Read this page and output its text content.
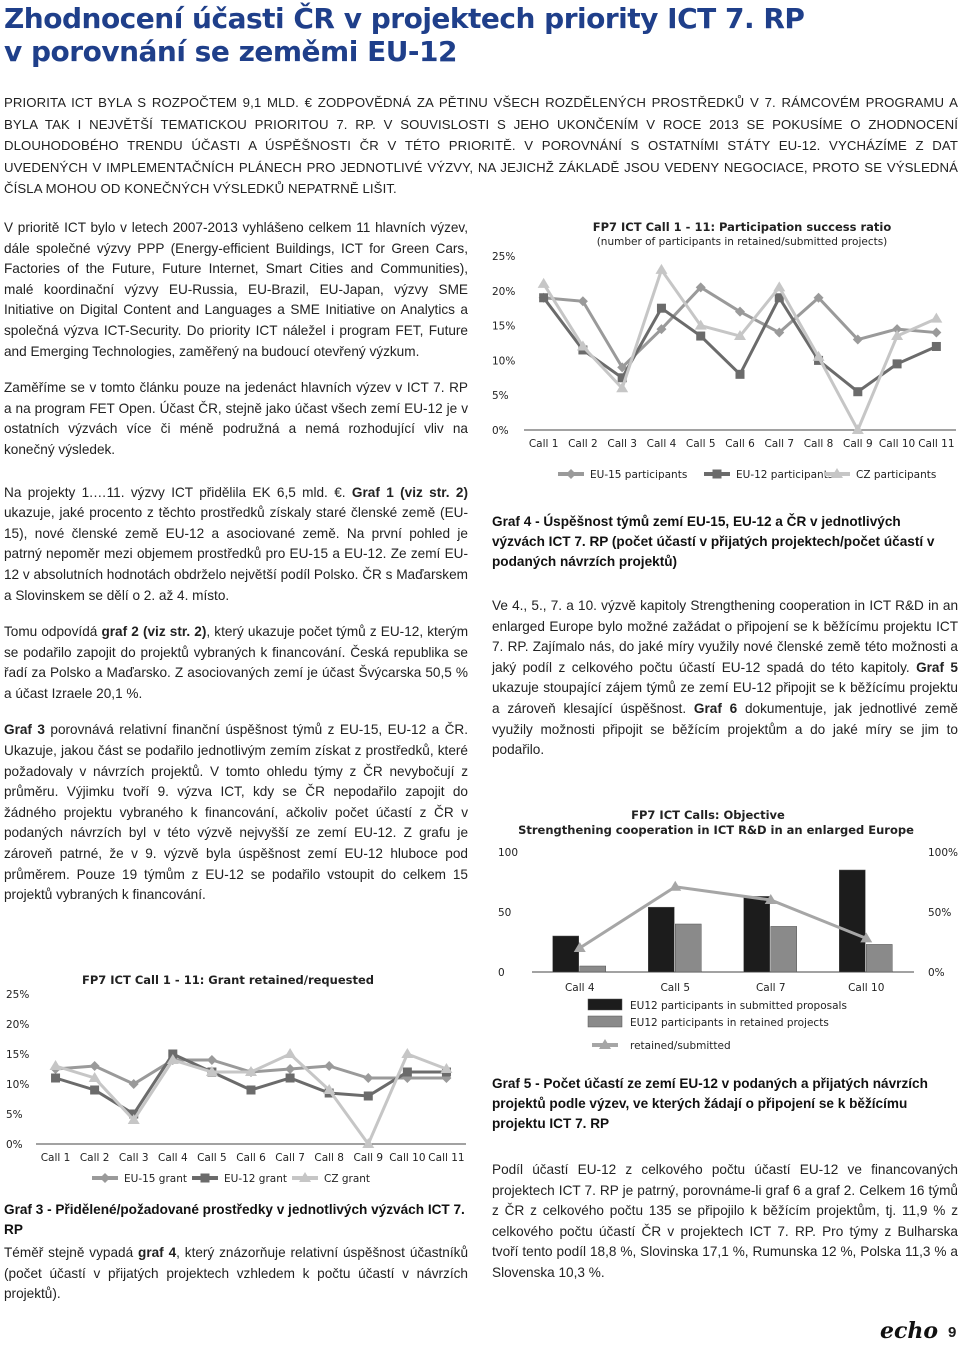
Zhodnocení účasti ČR v projektech priority ICT 7. RP
v porovnání se zeměmi EU-12
PRIORITA ICT BYLA S ROZPOČTEM 9,1 MLD. € ZODPOVĚDNÁ ZA PĚTINU VŠECH ROZDĚLENÝCH PROSTŘEDKŮ V 7. RÁMCOVÉM PROGRAMU A BYLA TAK I NEJVĚTŠÍ TEMATICKOU PRIORITOU 7. RP. V SOUVISLOSTI S JEHO UKONČENÍM V ROCE 2013 SE POKUSÍME O ZHODNOCENÍ DLOUHODOBÉHO TRENDU ÚČASTI A ÚSPĚŠNOSTI ČR V TÉTO PRIORITĚ. V POROVNÁNÍ S OSTATNÍMI STÁTY EU-12. VYCHÁZÍME Z DAT UVEDENÝCH V IMPLEMENTAČNÍCH PLÁNECH PRO JEDNOTLIVÉ VÝZVY, NA JEJICHŽ ZÁKLADĚ JSOU VEDENY NEGOCIACE, PROTO SE VÝSLEDNÁ ČÍSLA MOHOU OD KONEČNÝCH VÝSLEDKŮ NEPATRNĚ LIŠIT.

V prioritě ICT bylo v letech 2007-2013 vyhlášeno celkem 11 hlavních výzev, dále společné výzvy PPP (Energy-efficient Buildings, ICT for Green Cars, Factories of the Future, Future Internet, Smart Cities and Communities), malé koordinační výzvy EU-Russia, EU-Brazil, EU-Japan, výzvy SME Initiative on Digital Content and Languages a SME Initiative on Analytics a společná výzva ICT-Security. Do priority ICT náležel i program FET, Future and Emerging Technologies, zaměřený na budoucí otevřený výzkum.

Zaměříme se v tomto článku pouze na jedenáct hlavních výzev v ICT 7. RP a na program FET Open. Účast ČR, stejně jako účast všech zemí EU-12 je v ostatních výzvách více či méně podružná a nemá rozhodující vliv na konečný výsledek.

Na projekty 1.…11. výzvy ICT přidělila EK 6,5 mld. €. Graf 1 (viz str. 2) ukazuje, jaké procento z těchto prostředků získaly staré členské země (EU-15), nové členské země EU-12 a asociované země. Na první pohled je patrný nepoměr mezi objemem prostředků pro EU-15 a EU-12. Ze zemí EU-12 v absolutních hodnotách obdrželo největší podíl Polsko. ČR s Maďarskem a Slovinskem se dělí o 2. až 4. místo.

Tomu odpovídá graf 2 (viz str. 2), který ukazuje počet týmů z EU-12, kterým se podařilo zapojit do projektů vybraných k financování. Česká republika se řadí za Polsko a Maďarsko. Z asociovaných zemí je účast Švýcarska 50,5 % a účast Izraele 20,1 %.

Graf 3 porovnává relativní finanční úspěšnost týmů z EU-15, EU-12 a ČR. Ukazuje, jakou část se podařilo jednotlivým zemím získat z prostředků, které požadovaly v návrzích projektů. V tomto ohledu týmy z ČR nevybočují z průměru. Výjimku tvoří 9. výzva ICT, kdy se ČR nepodařilo zapojit do žádného projektu vybraného k financování, ačkoliv počet účastí z ČR v podaných návrzích byl v této výzvě nejvyšší ze zemí EU-12. Z grafu je zároveň patrné, že v 9. výzvě byla úspěšnost zemí EU-12 hluboce pod průměrem. Pouze 19 týmům z EU-12 se podařilo vstoupit do celkem 15 projektů vybraných k financování.

FP7 ICT Call 1 - 11: Grant retained/requested
0%
5%
10%
15%
20%
25%
Call 1 Call 2 Call 3 Call 4 Call 5 Call 6 Call 7 Call 8 Call 9 Call 10 Call 11
EU-15 grant	EU-12 grant	CZ grant
Graf 3 - Přidělené/požadované prostředky v jednotlivých výzvách ICT 7. RP

Téměř stejně vypadá graf 4, který znázorňuje relativní úspěšnost účastníků (počet účastí v přijatých projektech vzhledem k počtu účastí v návrzích projektů).

FP7 ICT Call 1 - 11: Participation success ratio
(number of participants in retained/submitted projects)
0%
5%
10%
15%
20%
25%
Call 1 Call 2 Call 3 Call 4 Call 5 Call 6 Call 7 Call 8 Call 9 Call 10 Call 11
EU-15 participants	EU-12 participants CZ participants
Graf 4 - Úspěšnost týmů zemí EU-15, EU-12 a ČR v jednotlivých výzvách ICT 7. RP (počet účastí v přijatých projektech/počet účastí v podaných návrzích projektů)

Ve 4., 5., 7. a 10. výzvě kapitoly Strengthening cooperation in ICT R&D in an enlarged Europe bylo možné zažádat o připojení se k běžícímu projektu ICT 7. RP. Zajímalo nás, do jaké míry využily nové členské země této možnosti a jaký podíl z celkového počtu účastí EU-12 spadá do této kapitoly. Graf 5 ukazuje stoupající zájem týmů ze zemí EU-12 připojit se k běžícímu projektu a zároveň klesající úspěšnost. Graf 6 dokumentuje, jak jednotlivé země využily možnosti připojit se běžícím projektům a do jaké míry se jim to podařilo.

FP7 ICT Calls: Objective
Strengthening cooperation in ICT R&D in an enlarged Europe
0
50
100
0%
50%
100%
Call 4	Call 5	Call 7	Call 10
EU12 participants in submitted proposals
EU12 participants in retained projects
retained/submitted
Graf 5 - Počet účastí ze zemí EU-12 v podaných a přijatých návrzích projektů podle výzev, ve kterých žádají o připojení se k běžícímu projektu ICT 7. RP

Podíl účastí EU-12 z celkového počtu účastí EU-12 ve financovaných projektech ICT 7. RP je patrný, porovnáme-li graf 6 a graf 2. Celkem 16 týmů z ČR z celkového počtu 135 se připojilo k běžícím projektům, tj. 11,9 % z celkového počtu účastí ČR v projektech ICT 7. RP. Pro týmy z Bulharska tvoří tento podíl 18,8 %, Slovinska 17,1 %, Rumunska 12 %, Polska 11,3 % a Slovenska 10,3 %.

echo 9
